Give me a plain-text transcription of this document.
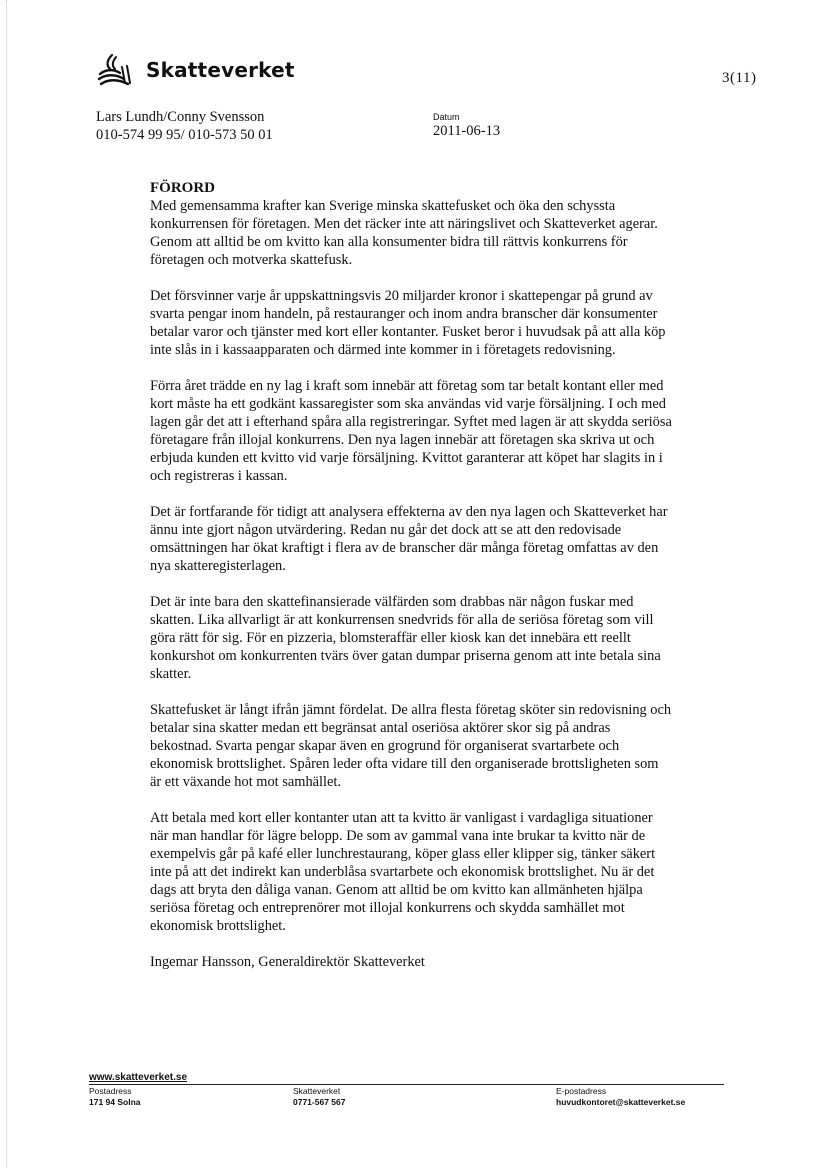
Skatteverket	3(11)
Lars Lundh/Conny Svensson
010-574 99 95/ 010-573 50 01
Datum
2011-06-13
FÖRORD

Med gemensamma krafter kan Sverige minska skattefusket och öka den schyssta konkurrensen för företagen. Men det räcker inte att näringslivet och Skatteverket agerar. Genom att alltid be om kvitto kan alla konsumenter bidra till rättvis konkurrens för företagen och motverka skattefusk.

Det försvinner varje år uppskattningsvis 20 miljarder kronor i skattepengar på grund av svarta pengar inom handeln, på restauranger och inom andra branscher där konsumenter betalar varor och tjänster med kort eller kontanter. Fusket beror i huvudsak på att alla köp inte slås in i kassaapparaten och därmed inte kommer in i företagets redovisning.

Förra året trädde en ny lag i kraft som innebär att företag som tar betalt kontant eller med kort måste ha ett godkänt kassaregister som ska användas vid varje försäljning. I och med lagen går det att i efterhand spåra alla registreringar. Syftet med lagen är att skydda seriösa företagare från illojal konkurrens. Den nya lagen innebär att företagen ska skriva ut och erbjuda kunden ett kvitto vid varje försäljning. Kvittot garanterar att köpet har slagits in i och registreras i kassan.

Det är fortfarande för tidigt att analysera effekterna av den nya lagen och Skatteverket har ännu inte gjort någon utvärdering. Redan nu går det dock att se att den redovisade omsättningen har ökat kraftigt i flera av de branscher där många företag omfattas av den nya skatteregisterlagen.

Det är inte bara den skattefinansierade välfärden som drabbas när någon fuskar med skatten. Lika allvarligt är att konkurrensen snedvrids för alla de seriösa företag som vill göra rätt för sig. För en pizzeria, blomsteraffär eller kiosk kan det innebära ett reellt konkurshot om konkurrenten tvärs över gatan dumpar priserna genom att inte betala sina skatter.

Skattefusket är långt ifrån jämnt fördelat. De allra flesta företag sköter sin redovisning och betalar sina skatter medan ett begränsat antal oseriösa aktörer skor sig på andras bekostnad. Svarta pengar skapar även en grogrund för organiserat svartarbete och ekonomisk brottslighet. Spåren leder ofta vidare till den organiserade brottsligheten som är ett växande hot mot samhället.

Att betala med kort eller kontanter utan att ta kvitto är vanligast i vardagliga situationer när man handlar för lägre belopp. De som av gammal vana inte brukar ta kvitto när de exempelvis går på kafé eller lunchrestaurang, köper glass eller klipper sig, tänker säkert inte på att det indirekt kan underblåsa svartarbete och ekonomisk brottslighet. Nu är det dags att bryta den dåliga vanan. Genom att alltid be om kvitto kan allmänheten hjälpa seriösa företag och entreprenörer mot illojal konkurrens och skydda samhället mot ekonomisk brottslighet.

Ingemar Hansson, Generaldirektör Skatteverket

www.skatteverket.se
Postadress
171 94 Solna
Skatteverket
0771-567 567
E-postadress
huvudkontoret@skatteverket.se
